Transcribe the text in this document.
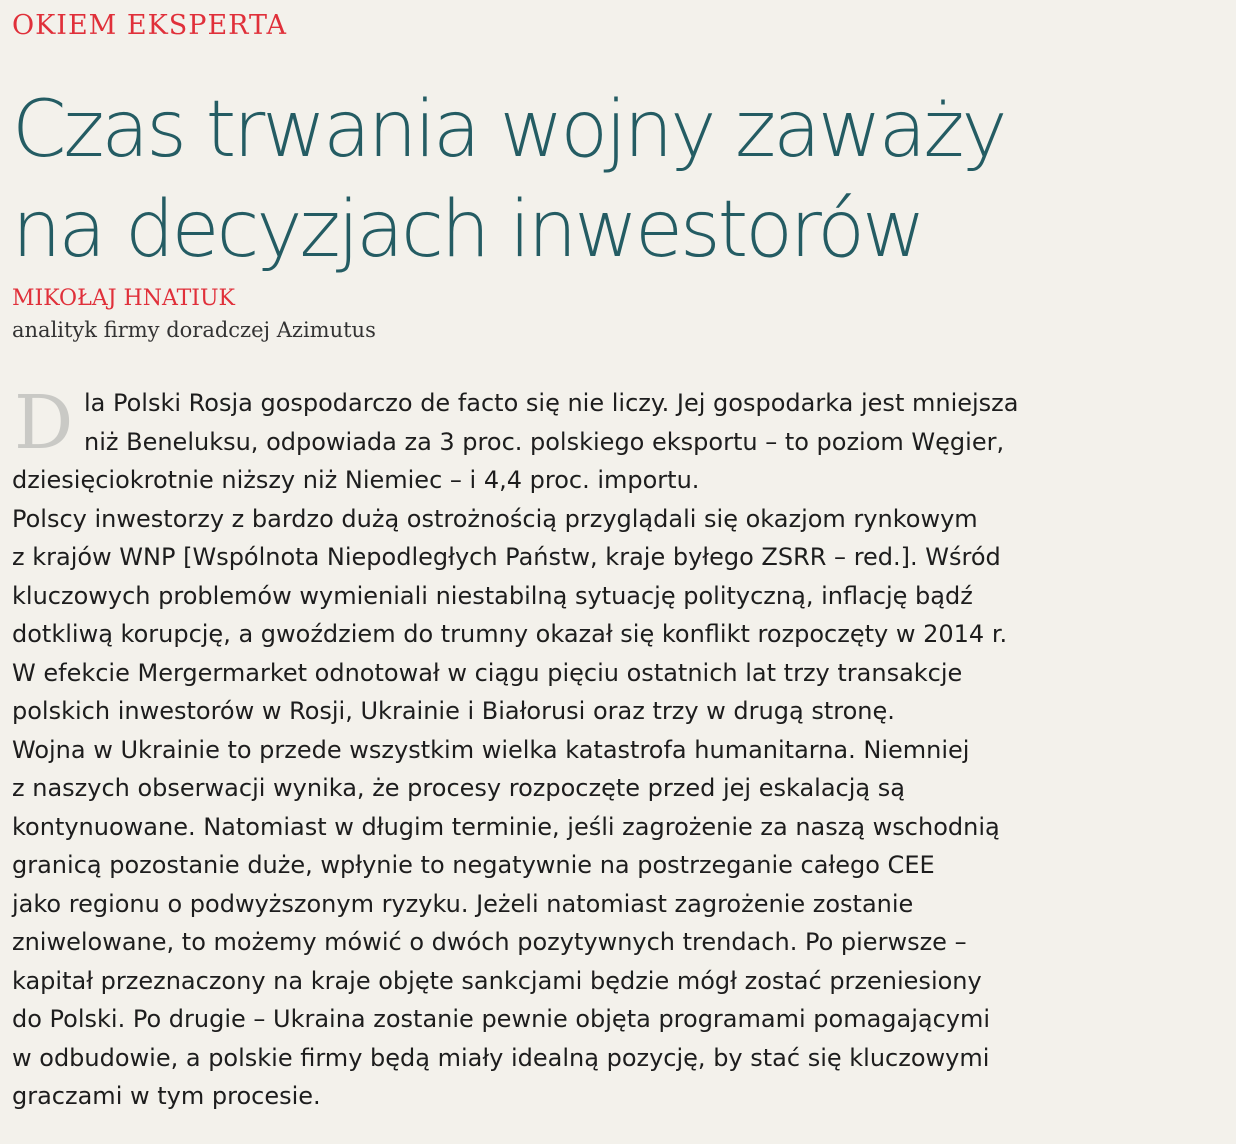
OKIEM EKSPERTA
Czas trwania wojny zaważy
na decyzjach inwestorów
MIKOŁAJ HNATIUK
analityk firmy doradczej Azimutus
D la Polski Rosja gospodarczo de facto się nie liczy. Jej gospodarka jest mniejsza
niż Beneluksu, odpowiada za 3 proc. polskiego eksportu – to poziom Węgier,
dziesięciokrotnie niższy niż Niemiec – i 4,4 proc. importu.
Polscy inwestorzy z bardzo dużą ostrożnością przyglądali się okazjom rynkowym
z krajów WNP [Wspólnota Niepodległych Państw, kraje byłego ZSRR – red.]. Wśród
kluczowych problemów wymieniali niestabilną sytuację polityczną, inflację bądź
dotkliwą korupcję, a gwoździem do trumny okazał się konflikt rozpoczęty w 2014 r.
W efekcie Mergermarket odnotował w ciągu pięciu ostatnich lat trzy transakcje
polskich inwestorów w Rosji, Ukrainie i Białorusi oraz trzy w drugą stronę.
Wojna w Ukrainie to przede wszystkim wielka katastrofa humanitarna. Niemniej
z naszych obserwacji wynika, że procesy rozpoczęte przed jej eskalacją są
kontynuowane. Natomiast w długim terminie, jeśli zagrożenie za naszą wschodnią
granicą pozostanie duże, wpłynie to negatywnie na postrzeganie całego CEE
jako regionu o podwyższonym ryzyku. Jeżeli natomiast zagrożenie zostanie
zniwelowane, to możemy mówić o dwóch pozytywnych trendach. Po pierwsze –
kapitał przeznaczony na kraje objęte sankcjami będzie mógł zostać przeniesiony
do Polski. Po drugie – Ukraina zostanie pewnie objęta programami pomagającymi
w odbudowie, a polskie firmy będą miały idealną pozycję, by stać się kluczowymi
graczami w tym procesie.
